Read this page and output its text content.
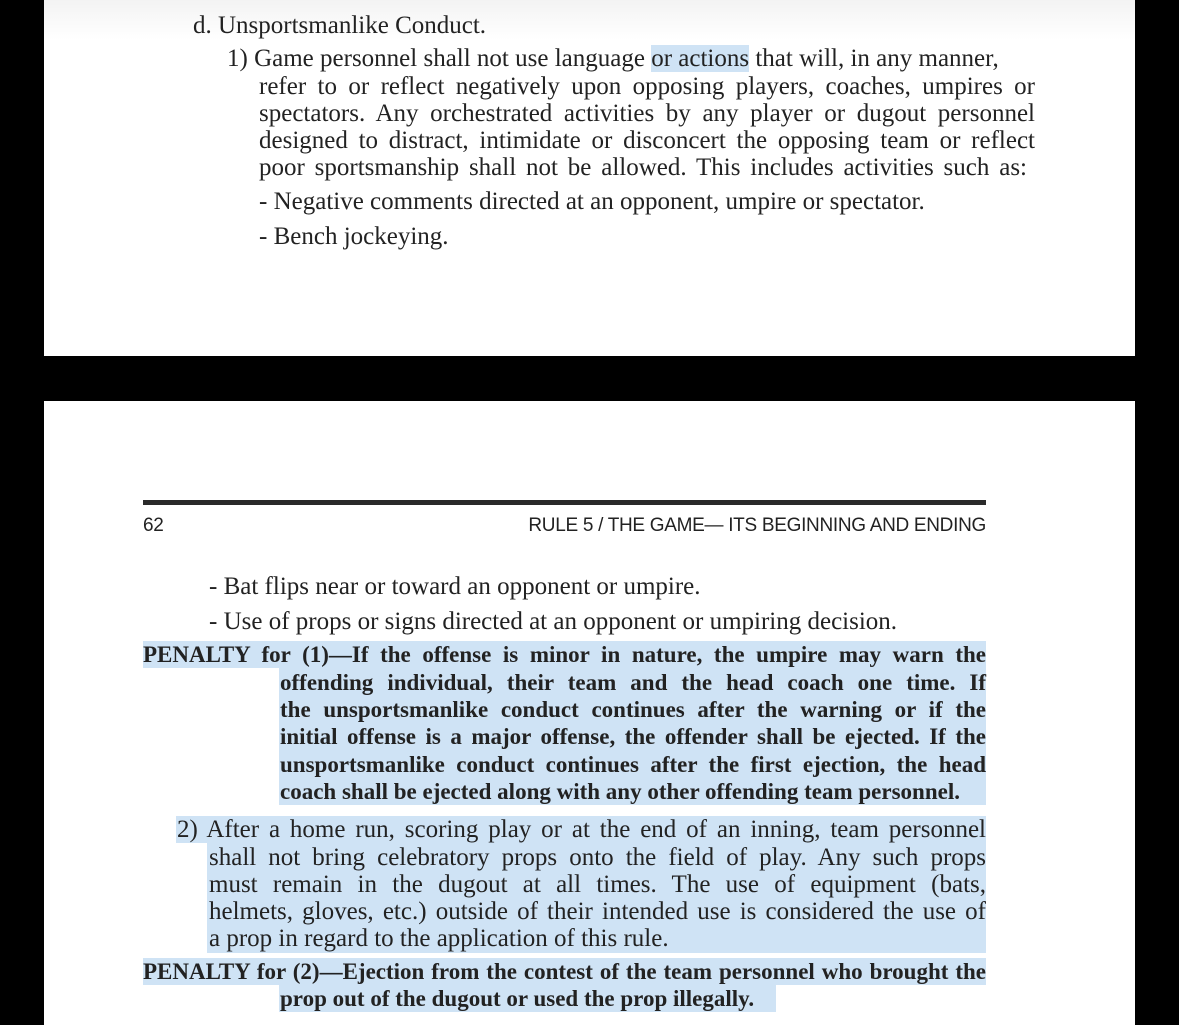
d. Unsportsmanlike Conduct.
1) Game personnel shall not use language or actions that will, in any manner,
refer to or reflect negatively upon opposing players, coaches, umpires or
spectators. Any orchestrated activities by any player or dugout personnel
designed to distract, intimidate or disconcert the opposing team or reflect
poor sportsmanship shall not be allowed. This includes activities such as:
- Negative comments directed at an opponent, umpire or spectator.
- Bench jockeying.
62	RULE 5 / THE GAME— ITS BEGINNING AND ENDING
- Bat flips near or toward an opponent or umpire.
- Use of props or signs directed at an opponent or umpiring decision.
PENALTY for (1)—If the offense is minor in nature, the umpire may warn the
offending individual, their team and the head coach one time. If
the unsportsmanlike conduct continues after the warning or if the
initial offense is a major offense, the offender shall be ejected. If the
unsportsmanlike conduct continues after the first ejection, the head
coach shall be ejected along with any other offending team personnel.
2) After a home run, scoring play or at the end of an inning, team personnel
shall not bring celebratory props onto the field of play. Any such props
must remain in the dugout at all times. The use of equipment (bats,
helmets, gloves, etc.) outside of their intended use is considered the use of
a prop in regard to the application of this rule.
PENALTY for (2)—Ejection from the contest of the team personnel who brought the
prop out of the dugout or used the prop illegally.
